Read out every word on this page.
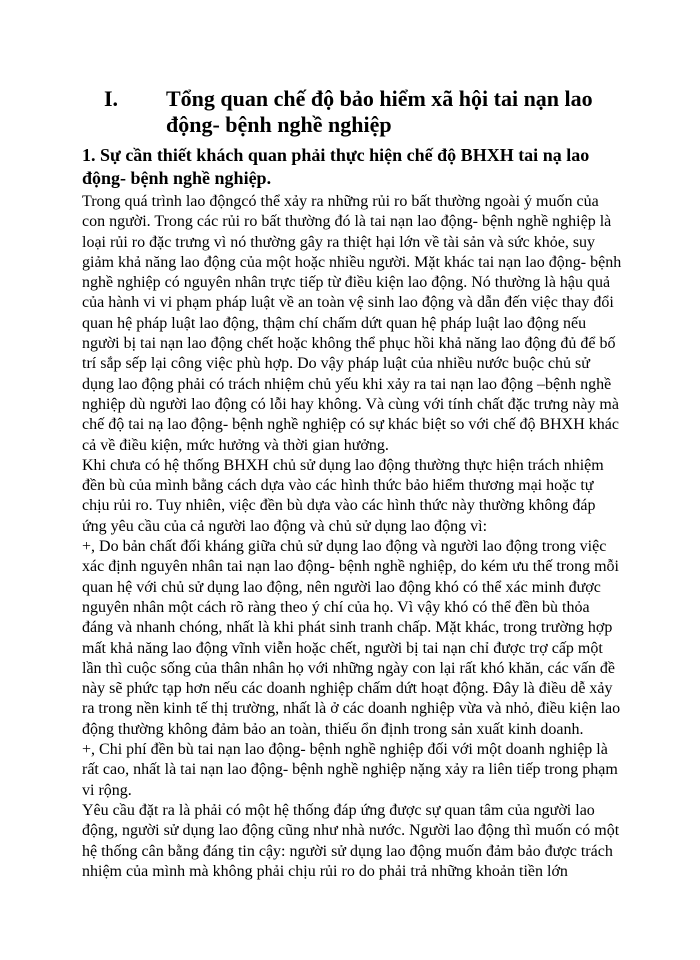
I.	Tổng quan chế độ bảo hiểm xã hội tai nạn lao động- bệnh nghề nghiệp
1. Sự cần thiết khách quan phải thực hiện chế độ BHXH tai nạ lao động- bệnh nghề nghiệp.

Trong quá trình lao độngcó thể xảy ra những rủi ro bất thường ngoài ý muốn của con người. Trong các rủi ro bất thường đó là tai nạn lao động- bệnh nghề nghiệp là loại rủi ro đặc trưng vì nó thường gây ra thiệt hại lớn về tài sản và sức khỏe, suy giảm khả năng lao động của một hoặc nhiều người. Mặt khác tai nạn lao động- bệnh nghề nghiệp có nguyên nhân trực tiếp từ điều kiện lao động. Nó thường là hậu quả của hành vi vi phạm pháp luật về an toàn vệ sinh lao động và dẫn đến việc thay đổi quan hệ pháp luật lao động, thậm chí chấm dứt quan hệ pháp luật lao động nếu người bị tai nạn lao động chết hoặc không thể phục hồi khả năng lao động đủ để bố trí sắp sếp lại công việc phù hợp. Do vậy pháp luật của nhiều nước buộc chủ sử dụng lao động phải có trách nhiệm chủ yếu khi xảy ra tai nạn lao động –bệnh nghề nghiệp dù người lao động có lỗi hay không. Và cùng với tính chất đặc trưng này mà chế độ tai nạ lao động- bệnh nghề nghiệp có sự khác biệt so với chế độ BHXH khác cả về điều kiện, mức hưởng và thời gian hưởng.

Khi chưa có hệ thống BHXH chủ sử dụng lao động thường thực hiện trách nhiệm đền bù của mình bằng cách dựa vào các hình thức bảo hiểm thương mại hoặc tự chịu rủi ro. Tuy nhiên, việc đền bù dựa vào các hình thức này thường không đáp ứng yêu cầu của cả người lao động và chủ sử dụng lao động vì:

+, Do bản chất đối kháng giữa chủ sử dụng lao động và người lao động trong việc xác định nguyên nhân tai nạn lao động- bệnh nghề nghiệp, do kém ưu thế trong mỗi quan hệ với chủ sử dụng lao động, nên người lao động khó có thể xác minh được nguyên nhân một cách rõ ràng theo ý chí của họ. Vì vậy khó có thể đền bù thỏa đáng và nhanh chóng, nhất là khi phát sinh tranh chấp. Mặt khác, trong trường hợp mất khả năng lao động vĩnh viễn hoặc chết, người bị tai nạn chỉ được trợ cấp một lần thì cuộc sống của thân nhân họ với những ngày con lại rất khó khăn, các vấn đề này sẽ phức tạp hơn nếu các doanh nghiệp chấm dứt hoạt động. Đây là điều dễ xảy ra trong nền kinh tế thị trường, nhất là ở các doanh nghiệp vừa và nhỏ, điều kiện lao động thường không đảm bảo an toàn, thiếu ổn định trong sản xuất kinh doanh.

+, Chi phí đền bù tai nạn lao động- bệnh nghề nghiệp đối với một doanh nghiệp là rất cao, nhất là tai nạn lao động- bệnh nghề nghiệp nặng xảy ra liên tiếp trong phạm vi rộng.

Yêu cầu đặt ra là phải có một hệ thống đáp ứng được sự quan tâm của người lao động, người sử dụng lao động cũng như nhà nước. Người lao động thì muốn có một hệ thống cân bằng đáng tin cậy: người sử dụng lao động muốn đảm bảo được trách nhiệm của mình mà không phải chịu rủi ro do phải trả những khoản tiền lớn
